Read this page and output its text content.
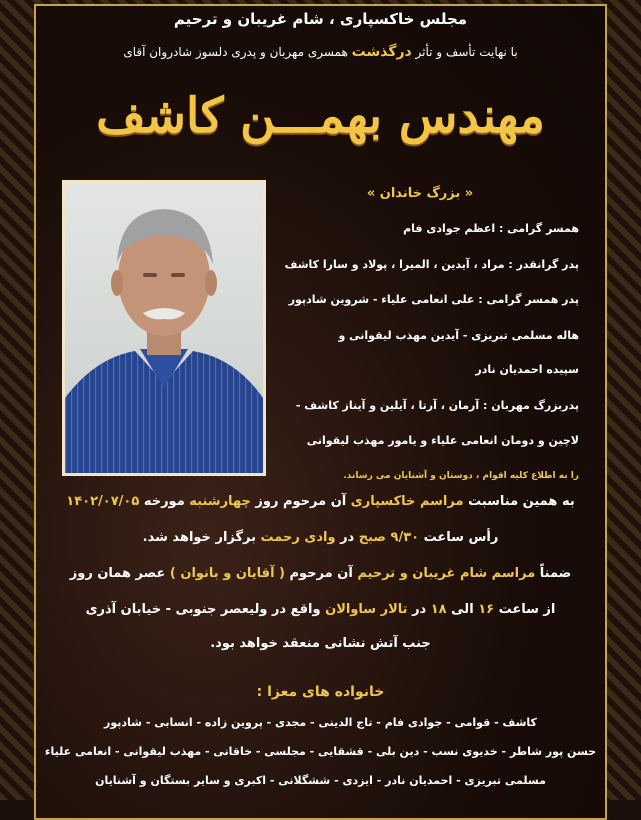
مجلس خاکسپاری ، شام غریبان و ترحیم
با نهایت تأسف و تأثر درگذشت همسری مهربان و پدری دلسوز شادروان آقای
مهندس بهمـــن کاشف
« بزرگ خاندان »
همسر گرامی : اعظم جوادی فام
پدر گرانقدر : مراد ، آیدین ، المیرا ، پولاد و سارا کاشف
پدر همسر گرامی : علی انعامی علیاء - شروین شادپور
هاله مسلمی تبریزی - آیدین مهذب لیقوانی و
سپیده احمدیان نادر
پدربزرگ مهربان : آرمان ، آرتا ، آیلین و آیناز کاشف -
لاچین و دومان انعامی علیاء و یامور مهذب لیقوانی
را به اطلاع کلیه اقوام ، دوستان و آشنایان می رساند.
به همین مناسبت مراسم خاکسپاری آن مرحوم روز چهارشنبه مورخه ۱۴۰۲/۰۷/۰۵
رأس ساعت ۹/۳۰ صبح در وادی رحمت برگزار خواهد شد.
ضمناً مراسم شام غریبان و ترحیم آن مرحوم ( آقایان و بانوان ) عصر همان روز
از ساعت ۱۶ الی ۱۸ در تالار ساوالان واقع در ولیعصر جنوبی - خیابان آذری
جنب آتش نشانی منعقد خواهد بود.
خانواده های معزا :
کاشف - قوامی - جوادی فام - تاج الدینی - مجدی - پروین زاده - انسابی - شادپور
حسن پور شاطر - خدیوی نسب - دین بلی - قشقایی - مجلسی - خاقانی - مهذب لیقوانی - انعامی علیاء
مسلمی تبریزی - احمدیان نادر - ایزدی - ششگلانی - اکبری و سایر بستگان و آشنایان
